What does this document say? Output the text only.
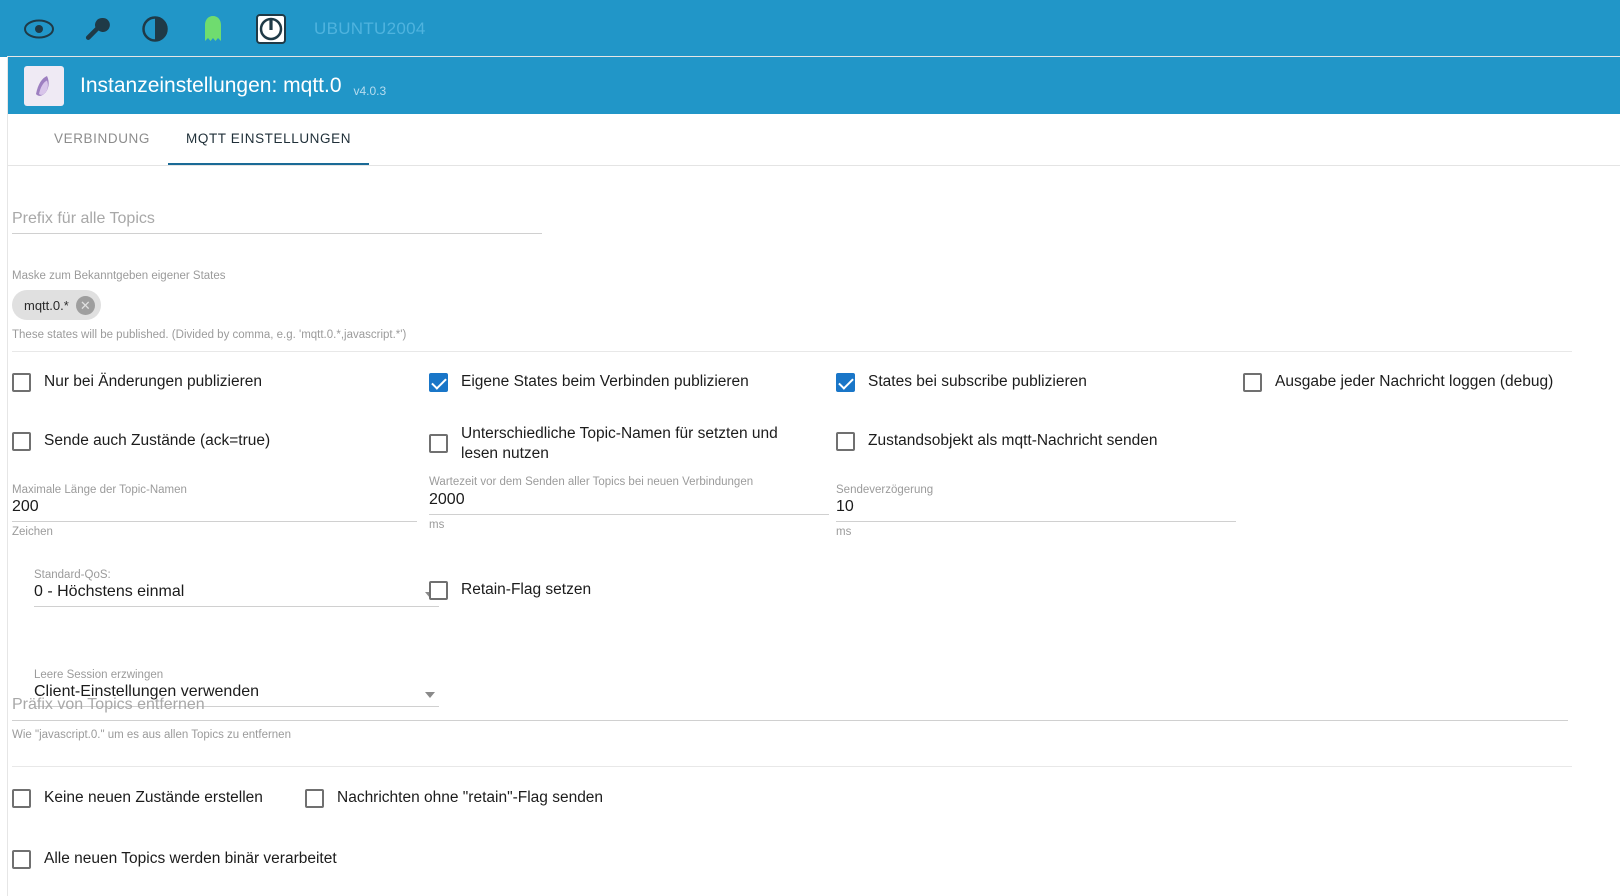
UBUNTU2004
Instanzeinstellungen: mqtt.0 v4.0.3
VERBINDUNG	MQTT EINSTELLUNGEN
Prefix für alle Topics
Maske zum Bekanntgeben eigener States
mqtt.0.* ✕
These states will be published. (Divided by comma, e.g. 'mqtt.0.*,javascript.*')
Nur bei Änderungen publizieren	Eigene States beim Verbinden publizieren	States bei subscribe publizieren	Ausgabe jeder Nachricht loggen (debug)
Sende auch Zustände (ack=true)	Unterschiedliche Topic-Namen für setzten und lesen nutzen
Zustandsobjekt als mqtt-Nachricht senden
Maximale Länge der Topic-Namen
200
Zeichen
Wartezeit vor dem Senden aller Topics bei neuen Verbindungen
2000
ms
Sendeverzögerung
10
ms
Standard-QoS:
0 - Höchstens einmal	Retain-Flag setzen
Leere Session erzwingen
Client-Einstellungen verwenden
Präfix von Topics entfernen
Wie "javascript.0." um es aus allen Topics zu entfernen
Keine neuen Zustände erstellen	Nachrichten ohne "retain"-Flag senden
Alle neuen Topics werden binär verarbeitet
